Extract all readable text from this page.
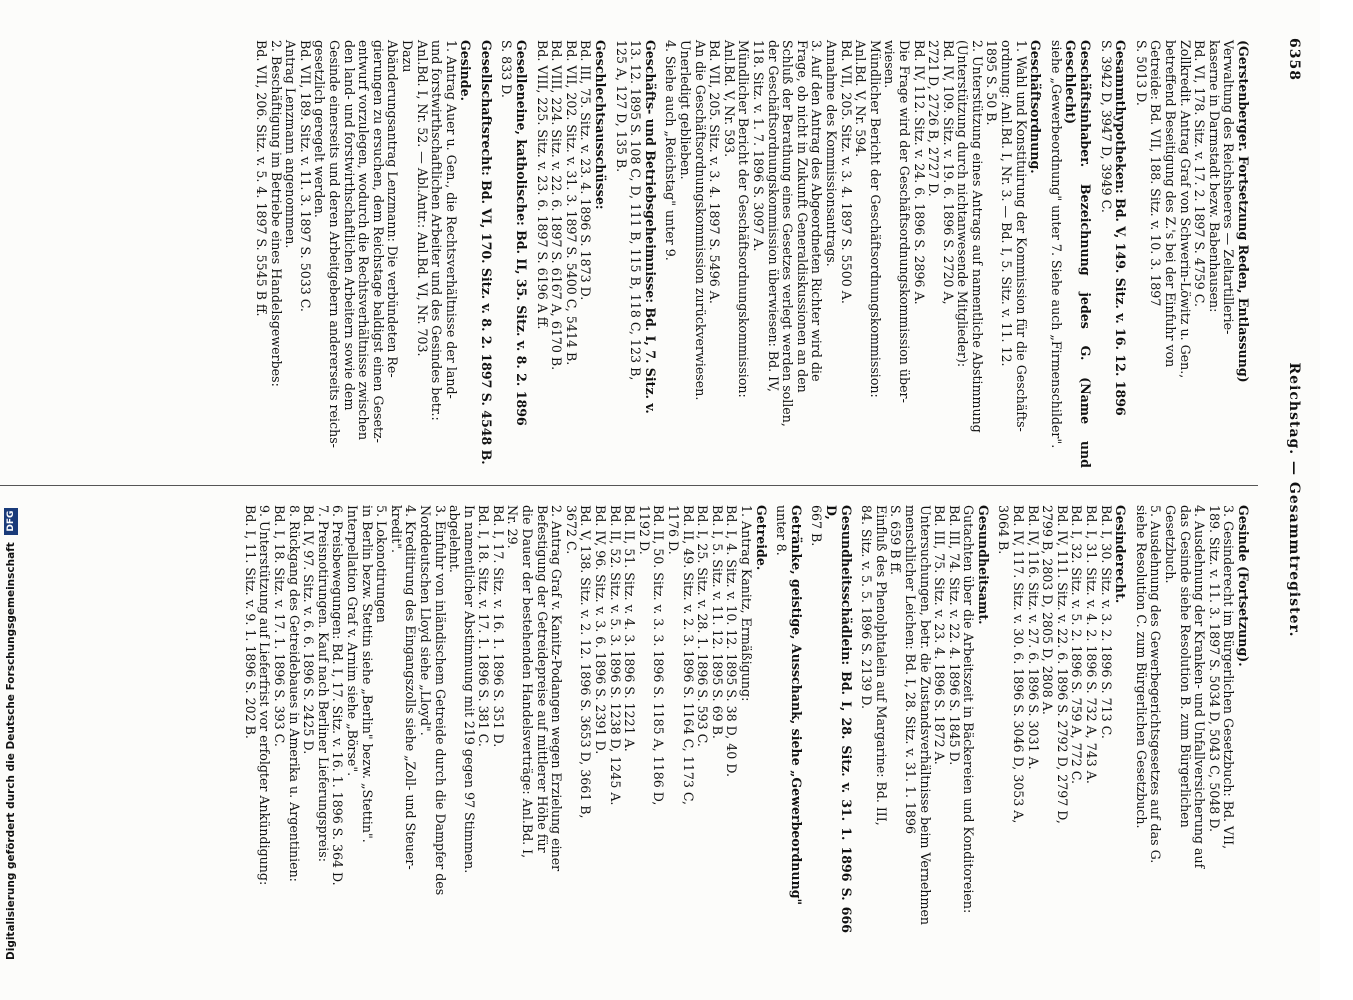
6358
Reichstag. — Gesammtregister.
(Gerstenberger. Fortsetzung Reden, Entlassung)
Verwaltung des Reichsheeres — Zeltartillerie-
kaserne in Darmstadt bezw. Babenhausen:
Bd. VI, 178. Sitz. v. 17. 2. 1897 S. 4759 C.
Zollkredit. Antrag Graf von Schwerin-Löwitz u. Gen.,
betreffend Beseitigung des Z.'s bei der Einfuhr von
Getreide: Bd. VII, 188. Sitz. v. 10. 3. 1897
S. 5013 D.
Gesammthypotheken: Bd. V, 149. Sitz. v. 16. 12. 1896
S. 3942 D, 3947 D, 3949 C.
Geschäftsinhaber. Bezeichnung jedes G. (Name und Geschlecht)
siehe „Gewerbeordnung" unter 7. Siehe auch „Firmenschilder".
Geschäftsordnung.
1. Wahl und Konstituirung der Kommission für die Geschäfts-
ordnung: Anl.Bd. I, Nr. 3. — Bd. I, 5. Sitz. v. 11. 12.
1895 S. 50 B.
2. Unterstützung eines Antrags auf namentliche Abstimmung
(Unterstützung durch nichtanwesende Mitglieder):
Bd. IV, 109. Sitz. v. 19. 6. 1896 S. 2720 A,
2721 D, 2726 B, 2727 D.
Bd. IV, 112. Sitz. v. 24. 6. 1896 S. 2896 A.
Die Frage wird der Geschäftsordnungskommission über-
wiesen.
Mündlicher Bericht der Geschäftsordnungskommission:
Anl.Bd. V, Nr. 594.
Bd. VII, 205. Sitz. v. 3. 4. 1897 S. 5500 A.
Annahme des Kommissionsantrags.
3. Auf den Antrag des Abgeordneten Richter wird die
Frage, ob nicht in Zukunft Generaldiskussionen an den
Schluß der Berathung eines Gesetzes verlegt werden sollen,
der Geschäftsordnungskommission überwiesen: Bd. IV,
118. Sitz. v. 1. 7. 1896 S. 3097 A.
Mündlicher Bericht der Geschäftsordnungskommission:
Anl.Bd. V, Nr. 593.
Bd. VII, 205. Sitz. v. 3. 4. 1897 S. 5496 A.
An die Geschäftsordnungskommission zurückverwiesen.
Unerledigt geblieben.
4. Siehe auch „Reichstag" unter 9.
Geschäfts- und Betriebsgeheimnisse: Bd. I, 7. Sitz. v.
13. 12. 1895 S. 108 C, D, 111 B, 115 B, 118 C, 123 B,
125 A, 127 D, 135 B.
Geschlechtsausschüsse:
Bd. III, 75. Sitz. v. 23. 4. 1896 S. 1873 D.
Bd. VII, 202. Sitz. v. 31. 3. 1897 S. 5400 C, 5414 B.
Bd. VIII, 224. Sitz. v. 22. 6. 1897 S. 6167 A, 6170 B.
Bd. VIII, 225. Sitz. v. 23. 6. 1897 S. 6196 A ff.
Geselleneine, katholische: Bd. II, 35. Sitz. v. 8. 2. 1896
S. 833 D.
Gesellschaftsrecht: Bd. VI, 170. Sitz. v. 8. 2. 1897 S. 4548 B.
Gesinde.
1. Antrag Auer u. Gen., die Rechtsverhältnisse der land-
und forstwirthschaftlichen Arbeiter und des Gesindes betr.:
Anl.Bd. I, Nr. 52. — Abl.Antr.: Anl.Bd. VI, Nr. 703.
Dazu
Abänderungsantrag Lenzmann: Die verbündeten Re-
gierungen zu ersuchen, dem Reichstage baldigst einen Gesetz-
entwurf vorzulegen, wodurch die Rechtsverhältnisse zwischen
den land- und forstwirthschaftlichen Arbeitern sowie dem
Gesinde einerseits und deren Arbeitgebern andererseits reichs-
gesetzlich geregelt werden.
Bd. VII, 189. Sitz. v. 11. 3. 1897 S. 5033 C.
Antrag Lenzmann angenommen.
2. Beschäftigung im Betriebe eines Handelsgewerbes:
Bd. VII, 206. Sitz. v. 5. 4. 1897 S. 5545 B ff.
Gesinde (Fortsetzung).
3. Gesinderecht im Bürgerlichen Gesetzbuch: Bd. VII,
189. Sitz. v. 11. 3. 1897 S. 5034 D, 5043 C, 5048 D.
4. Ausdehnung der Kranken- und Unfallversicherung auf
das Gesinde siehe Resolution B. zum Bürgerlichen
Gesetzbuch.
5. Ausdehnung des Gewerbegerichtsgesetzes auf das G.
siehe Resolution C. zum Bürgerlichen Gesetzbuch.
Gesinderecht.
Bd. I, 30. Sitz. v. 3. 2. 1896 S. 713 C.
Bd. I, 31. Sitz. v. 4. 2. 1896 S. 732 A, 743 A.
Bd. I, 32. Sitz. v. 5. 2. 1896 S. 759 A, 772 C.
Bd. IV, 111. Sitz. v. 22. 6. 1896 S. 2792 D, 2797 D,
2799 B, 2803 D, 2805 D, 2808 A.
Bd. IV, 116. Sitz. v. 27. 6. 1896 S. 3031 A.
Bd. IV, 117. Sitz. v. 30. 6. 1896 S. 3046 D, 3053 A,
3064 B.
Gesundheitsamt.
Gutachten über die Arbeitszeit in Bäckereien und Konditoreien:
Bd. III, 74. Sitz. v. 22. 4. 1896 S. 1845 D.
Bd. III, 75. Sitz. v. 23. 4. 1896 S. 1872 A.
Untersuchungen, betr. die Zustandsverhältnisse beim Vernehmen
menschlicher Leichen: Bd. I, 28. Sitz. v. 31. 1. 1896
S. 659 B ff.
Einfluß des Phenolphtalein auf Margarine: Bd. III,
84. Sitz. v. 5. 5. 1896 S. 2139 D.
Gesundheitsschädlein: Bd. I, 28. Sitz. v. 31. 1. 1896 S. 666 D,
667 B.
Getränke, geistige, Ausschank, siehe „Gewerbeordnung"
unter 8.
Getreide.
1. Antrag Kanitz, Ermäßigung:
Bd. I, 4. Sitz. v. 10. 12. 1895 S. 38 D, 40 D.
Bd. I, 5. Sitz. v. 11. 12. 1895 S. 69 B.
Bd. I, 25. Sitz. v. 28. 1. 1896 S. 593 C.
Bd. II, 49. Sitz. v. 2. 3. 1896 S. 1164 C, 1173 C,
1176 D.
Bd. II, 50. Sitz. v. 3. 3. 1896 S. 1185 A, 1186 D,
1192 D.
Bd. II, 51. Sitz. v. 4. 3. 1896 S. 1221 A.
Bd. II, 52. Sitz. v. 5. 3. 1896 S. 1238 D, 1245 A.
Bd. IV, 96. Sitz. v. 3. 6. 1896 S. 2391 D.
Bd. V, 138. Sitz. v. 2. 12. 1896 S. 3653 D, 3661 B,
3672 C.
2. Antrag Graf v. Kanitz-Podangen wegen Erzielung einer
Befestigung der Getreidepreise auf mittlerer Höhe für
die Dauer der bestehenden Handelsverträge: Anl.Bd. I,
Nr. 29.
Bd. I, 17. Sitz. v. 16. 1. 1896 S. 351 D.
Bd. I, 18. Sitz. v. 17. 1. 1896 S. 381 C.
In namentlicher Abstimmung mit 219 gegen 97 Stimmen.
abgelehnt.
3. Einfuhr von inländischem Getreide durch die Dampfer des
Norddeutschen Lloyd siehe „Lloyd".
4. Kreditirung des Eingangszolls siehe „Zoll- und Steuer-
kredit".
5. Lokonotirungen
in Berlin bezw. Stettin siehe „Berlin" bezw. „Stettin".
Interpellation Graf v. Arnim siehe „Börse".
6. Preisbewegungen: Bd. I, 17. Sitz. v. 16. 1. 1896 S. 364 D.
7. Preisnotirungen. Kauf nach Berliner Lieferungspreis:
Bd. IV, 97. Sitz. v. 6. 6. 1896 S. 2425 D.
8. Rückgang des Getreidebaues in Amerika u. Argentinien:
Bd. I, 18. Sitz. v. 17. 1. 1896 S. 393 C.
9. Unterstützung auf Lieferfrist vor erfolgter Ankündigung:
Bd. I, 11. Sitz. v. 9. 1. 1896 S. 202 B.
Digitalisierung gefördert durch die Deutsche Forschungsgemeinschaft DFG
